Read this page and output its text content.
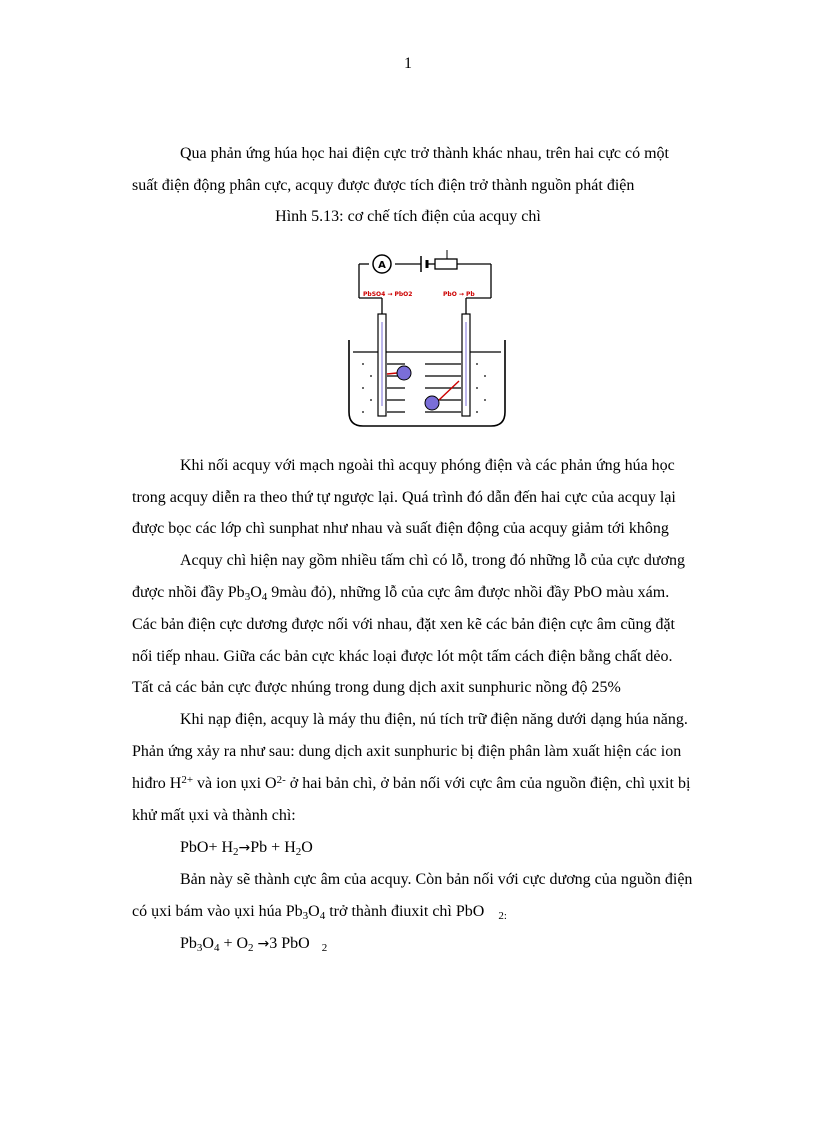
1
Qua phản ứng húa học hai điện cực trở thành khác nhau, trên hai cực có một
suất điện động phân cực, acquy được được tích điện trở thành nguồn phát điện
Hình 5.13: cơ chế tích điện của acquy chì
A
PbSO4 → PbO2	PbO → Pb
Khi nối acquy với mạch ngoài thì acquy phóng điện và các phản ứng húa học
trong acquy diễn ra theo thứ tự ngược lại. Quá trình đó dẫn đến hai cực của acquy lại
được bọc các lớp chì sunphat như nhau và suất điện động của acquy giảm tới không
Acquy chì hiện nay gồm nhiều tấm chì có lỗ, trong đó những lỗ của cực dương
được nhồi đầy $Pb_3O_4$ 9màu đỏ), những lỗ của cực âm được nhồi đầy PbO màu xám.
Các bản điện cực dương được nối với nhau, đặt xen kẽ các bản điện cực âm cũng đặt
nối tiếp nhau. Giữa các bản cực khác loại được lót một tấm cách điện bằng chất dẻo.
Tất cả các bản cực được nhúng trong dung dịch axit sunphuric nồng độ 25%
Khi nạp điện, acquy là máy thu điện, nú tích trữ điện năng dưới dạng húa năng.
Phản ứng xảy ra như sau: dung dịch axit sunphuric bị điện phân làm xuất hiện các ion
hiđro $H^{2+}$ và ion ụxi $O^{2-}$ ở hai bản chì, ở bản nối với cực âm của nguồn điện, chì ụxit bị
khử mất ụxi và thành chì:
$PbO+ H_2\to Pb + H_2O$
Bản này sẽ thành cực âm của acquy. Còn bản nối với cực dương của nguồn điện
có ụxi bám vào ụxi húa $Pb_3O_4$ trở thành điuxit chì PbO $_{2:}$
$Pb_3O_4 + O_2 \to 3$ PbO $_2$
